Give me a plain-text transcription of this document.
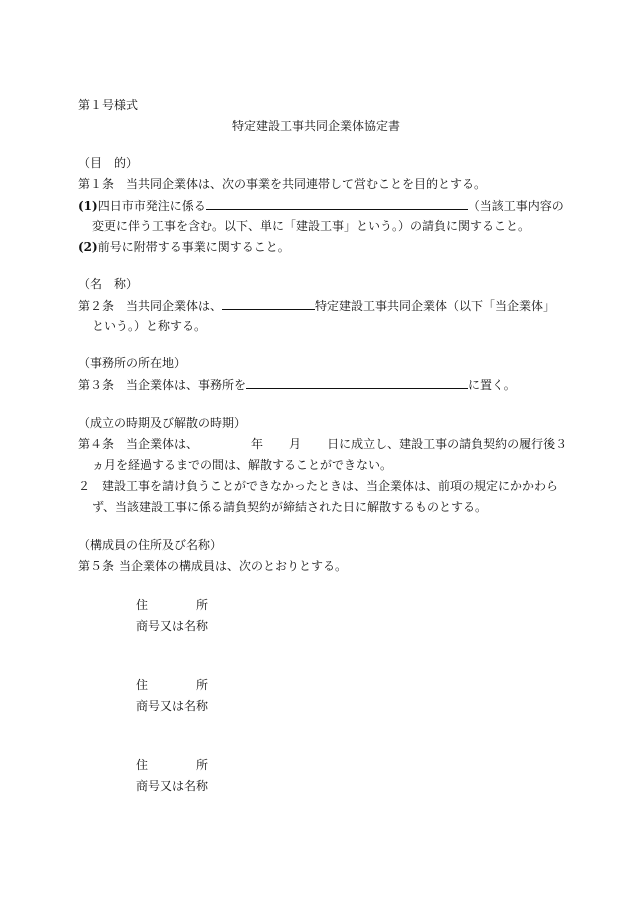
第１号様式
特定建設工事共同企業体協定書
（目　的）
第１条 当共同企業体は、次の事業を共同連帯して営むことを目的とする。
(1)四日市市発注に係る	（当該工事内容の
変更に伴う工事を含む。以下、単に「建設工事」という。）の請負に関すること。
(2)前号に附帯する事業に関すること。
（名　称）
第２条 当共同企業体は、	特定建設工事共同企業体（以下「当企業体」
という。）と称する。
（事務所の所在地）
第３条 当企業体は、事務所を	に置く。
（成立の時期及び解散の時期）
第４条 当企業体は、	年 月 日に成立し、建設工事の請負契約の履行後３
ヵ月を経過するまでの間は、解散することができない。
２ 建設工事を請け負うことができなかったときは、当企業体は、前項の規定にかかわら
ず、当該建設工事に係る請負契約が締結された日に解散するものとする。
（構成員の住所及び名称）
第５条 当企業体の構成員は、次のとおりとする。
住	所
商号又は名称
住	所
商号又は名称
住	所
商号又は名称
